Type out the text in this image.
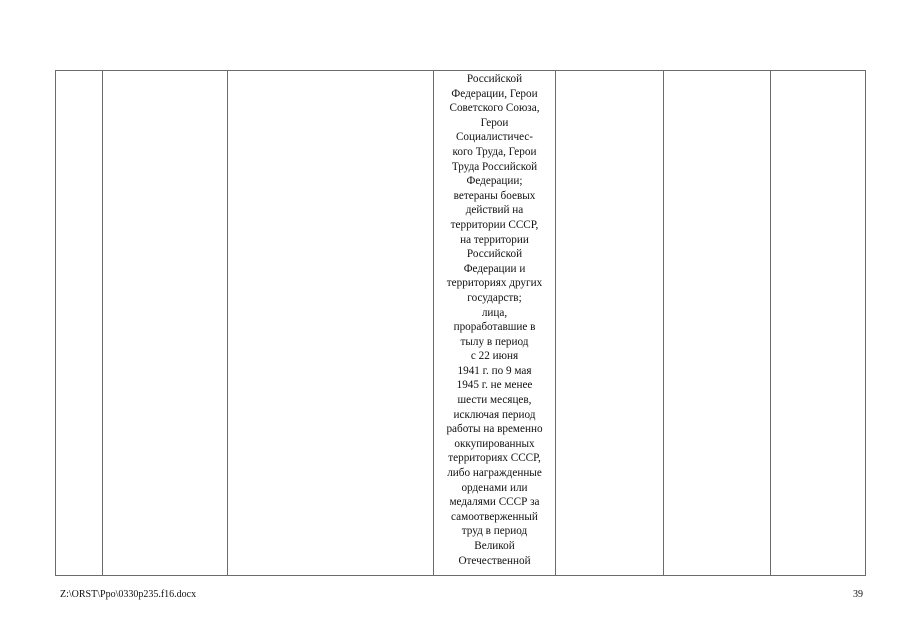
Российской
Федерации, Герои
Советского Союза,
Герои
Социалистичес-
кого Труда, Герои
Труда Российской
Федерации;
ветераны боевых
действий на
территории СССР,
на территории
Российской
Федерации и
территориях других
государств;
лица,
проработавшие в
тылу в период
с 22 июня
1941 г. по 9 мая
1945 г. не менее
шести месяцев,
исключая период
работы на временно
оккупированных
территориях СССР,
либо награжденные
орденами или
медалями СССР за
самоотверженный
труд в период
Великой
Отечественной

Z:\ORST\Ppo\0330p235.f16.docx	39
